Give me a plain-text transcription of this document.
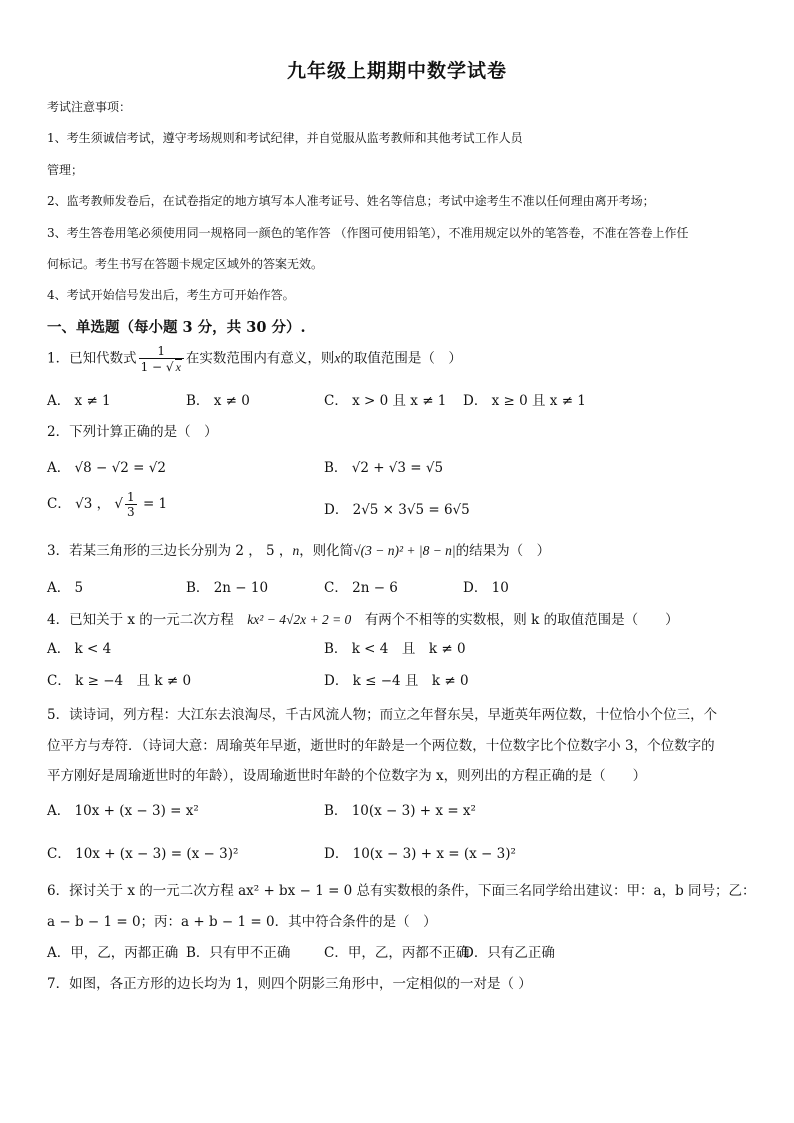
九年级上期期中数学试卷
考试注意事项：
1、考生须诚信考试，遵守考场规则和考试纪律，并自觉服从监考教师和其他考试工作人员
管理；
2、监考教师发卷后，在试卷指定的地方填写本人准考证号、姓名等信息；考试中途考生不准以任何理由离开考场；
3、考生答卷用笔必须使用同一规格同一颜色的笔作答 （作图可使用铅笔），不准用规定以外的笔答卷，不准在答卷上作任
何标记。考生书写在答题卡规定区域外的答案无效。
4、考试开始信号发出后，考生方可开始作答。
一、单选题（每小题 3 分，共 30 分）.
1．已知代数式 $\frac{1}{1 - √ x}$ 在实数范围内有意义，则x的取值范围是（　）
A． x ≠ 1	B． x ≠ 0	C． x > 0 且 x ≠ 1 D． x ≥ 0 且 x ≠ 1
2．下列计算正确的是（　）
A． √8 − √2 = √2	B． √2 + √3 = √5
C． √3 ， √ $\frac{1}{3} = 1$	D． 2√5 × 3√5 = 6√5
3．若某三角形的三边长分别为 2 ， 5 ，n，则化简√(3 − n)² + |8 − n|的结果为（　）
A． 5	B． 2n − 10	C． 2n − 6	D． 10
4．已知关于 x 的一元二次方程　 kx² − 4√2x + 2 = 0　 有两个不相等的实数根，则 k 的取值范围是（　　）
A． k < 4	B． k < 4　且　k ≠ 0
C． k ≥ −4　且 k ≠ 0	D． k ≤ −4 且　k ≠ 0
5．读诗词，列方程：大江东去浪淘尽，千古风流人物；而立之年督东吴，早逝英年两位数，十位恰小个位三，个
位平方与寿符．（诗词大意：周瑜英年早逝，逝世时的年龄是一个两位数，十位数字比个位数字小 3，个位数字的
平方刚好是周瑜逝世时的年龄），设周瑜逝世时年龄的个位数字为 x，则列出的方程正确的是（　　）
A． 10x + (x − 3) = x²	B． 10(x − 3) + x = x²
C． 10x + (x − 3) = (x − 3)²	D． 10(x − 3) + x = (x − 3)²
6．探讨关于 x 的一元二次方程 ax² + bx − 1 = 0 总有实数根的条件，下面三名同学给出建议：甲：a，b 同号；乙：
a − b − 1 = 0；丙：a + b − 1 = 0．其中符合条件的是（　）
A．甲，乙，丙都正确 B．只有甲不正确 C．甲，乙，丙都不正确
D．只有乙正确
7．如图，各正方形的边长均为 1，则四个阴影三角形中，一定相似的一对是（ ）
